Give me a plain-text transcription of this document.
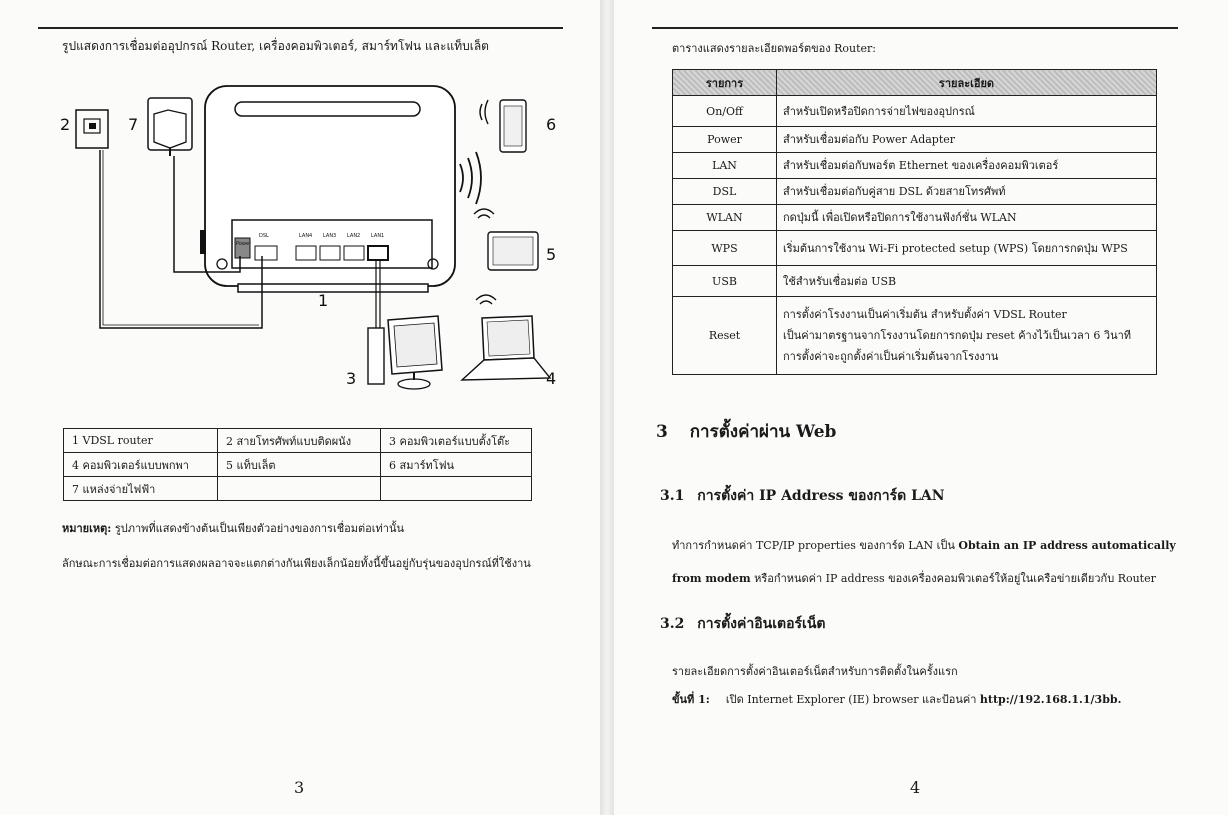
รูปแสดงการเชื่อมต่ออุปกรณ์ Router, เครื่องคอมพิวเตอร์, สมาร์ทโฟน และแท็บเล็ต
Power
DSL	LAN4 LAN3 LAN2 LAN1
2	7
1
3	4
5
6
1 VDSL router	2 สายโทรศัพท์แบบติดผนัง	3 คอมพิวเตอร์แบบตั้งโต๊ะ
4 คอมพิวเตอร์แบบพกพา	5 แท็บเล็ต	6 สมาร์ทโฟน
7 แหล่งจ่ายไฟฟ้า		
หมายเหตุ: รูปภาพที่แสดงข้างต้นเป็นเพียงตัวอย่างของการเชื่อมต่อเท่านั้น
ลักษณะการเชื่อมต่อการแสดงผลอาจจะแตกต่างกันเพียงเล็กน้อยทั้งนี้ขึ้นอยู่กับรุ่นของอุปกรณ์ที่ใช้งาน
3
ตารางแสดงรายละเอียดพอร์ตของ Router:
รายการ	รายละเอียด
On/Off	สำหรับเปิดหรือปิดการจ่ายไฟของอุปกรณ์

Power	สำหรับเชื่อมต่อกับ Power Adapter

LAN	สำหรับเชื่อมต่อกับพอร์ต Ethernet ของเครื่องคอมพิวเตอร์

DSL	สำหรับเชื่อมต่อกับคู่สาย DSL ด้วยสายโทรศัพท์

WLAN	กดปุ่มนี้ เพื่อเปิดหรือปิดการใช้งานฟังก์ชั่น WLAN

WPS	เริ่มต้นการใช้งาน Wi-Fi protected setup (WPS) โดยการกดปุ่ม WPS

USB	ใช้สำหรับเชื่อมต่อ USB

Reset	การตั้งค่าโรงงานเป็นค่าเริ่มต้น สำหรับตั้งค่า VDSL Router
เป็นค่ามาตรฐานจากโรงงานโดยการกดปุ่ม reset ค้างไว้เป็นเวลา 6 วินาที
การตั้งค่าจะถูกตั้งค่าเป็นค่าเริ่มต้นจากโรงงาน
3 การตั้งค่าผ่าน Web
3.1 การตั้งค่า IP Address ของการ์ด LAN
ทำการกำหนดค่า TCP/IP properties ของการ์ด LAN เป็น Obtain an IP address automatically
from modem หรือกำหนดค่า IP address ของเครื่องคอมพิวเตอร์ให้อยู่ในเครือข่ายเดียวกับ Router
3.2 การตั้งค่าอินเตอร์เน็ต
รายละเอียดการตั้งค่าอินเตอร์เน็ตสำหรับการติดตั้งในครั้งแรก
ขั้นที่ 1: เปิด Internet Explorer (IE) browser และป้อนค่า http://192.168.1.1/3bb.
4
